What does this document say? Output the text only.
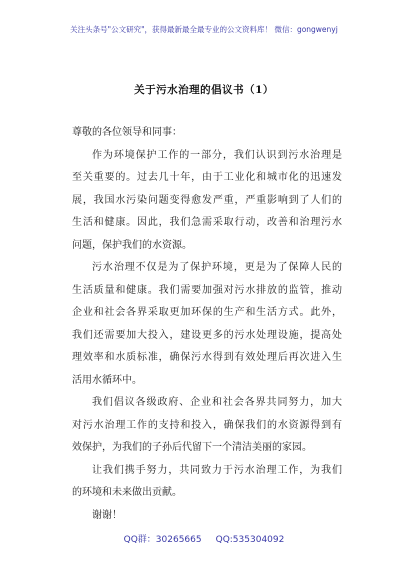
关注头条号"公文研究"，获得最新最全最专业的公文资料库！ 微信：gongwenyj
关于污水治理的倡议书（1）
尊敬的各位领导和同事：
作为环境保护工作的一部分，我们认识到污水治理是
至关重要的。过去几十年，由于工业化和城市化的迅速发
展，我国水污染问题变得愈发严重，严重影响到了人们的
生活和健康。因此，我们急需采取行动，改善和治理污水
问题，保护我们的水资源。
污水治理不仅是为了保护环境，更是为了保障人民的
生活质量和健康。我们需要加强对污水排放的监管，推动
企业和社会各界采取更加环保的生产和生活方式。此外，
我们还需要加大投入，建设更多的污水处理设施，提高处
理效率和水质标准，确保污水得到有效处理后再次进入生
活用水循环中。
我们倡议各级政府、企业和社会各界共同努力，加大
对污水治理工作的支持和投入，确保我们的水资源得到有
效保护，为我们的子孙后代留下一个清洁美丽的家园。
让我们携手努力，共同致力于污水治理工作，为我们
的环境和未来做出贡献。
谢谢！
QQ群：30265665 QQ:535304092
